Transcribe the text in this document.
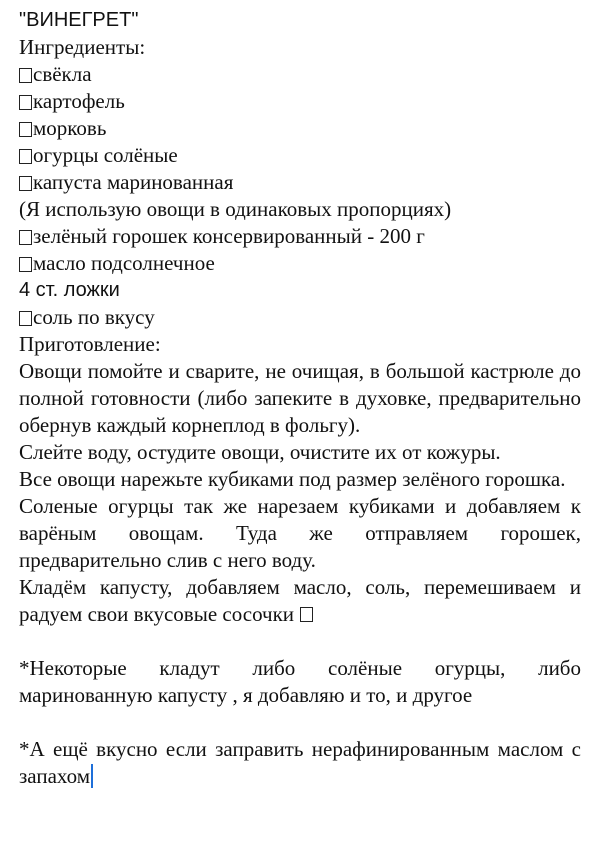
"ВИНЕГРЕТ"
Ингредиенты:
свёкла
картофель
морковь
огурцы солёные
капуста маринованная
(Я использую овощи в одинаковых пропорциях)
зелёный горошек консервированный - 200 г
масло подсолнечное
4 ст. ложки
соль по вкусу
Приготовление:
Овощи помойте и сварите, не очищая, в большой кастрюле до полной готовности (либо запеките в духовке, предварительно обернув каждый корнеплод в фольгу).
Слейте воду, остудите овощи, очистите их от кожуры.
Все овощи нарежьте кубиками под размер зелёного горошка.
Соленые огурцы так же нарезаем кубиками и добавляем к варёным овощам. Туда же отправляем горошек, предварительно слив с него воду.
Кладём капусту, добавляем масло, соль, перемешиваем и радуем свои вкусовые сосочки
*Некоторые кладут либо солёные огурцы, либо маринованную капусту , я добавляю и то, и другое
*А ещё вкусно если заправить нерафинированным маслом с запахом
